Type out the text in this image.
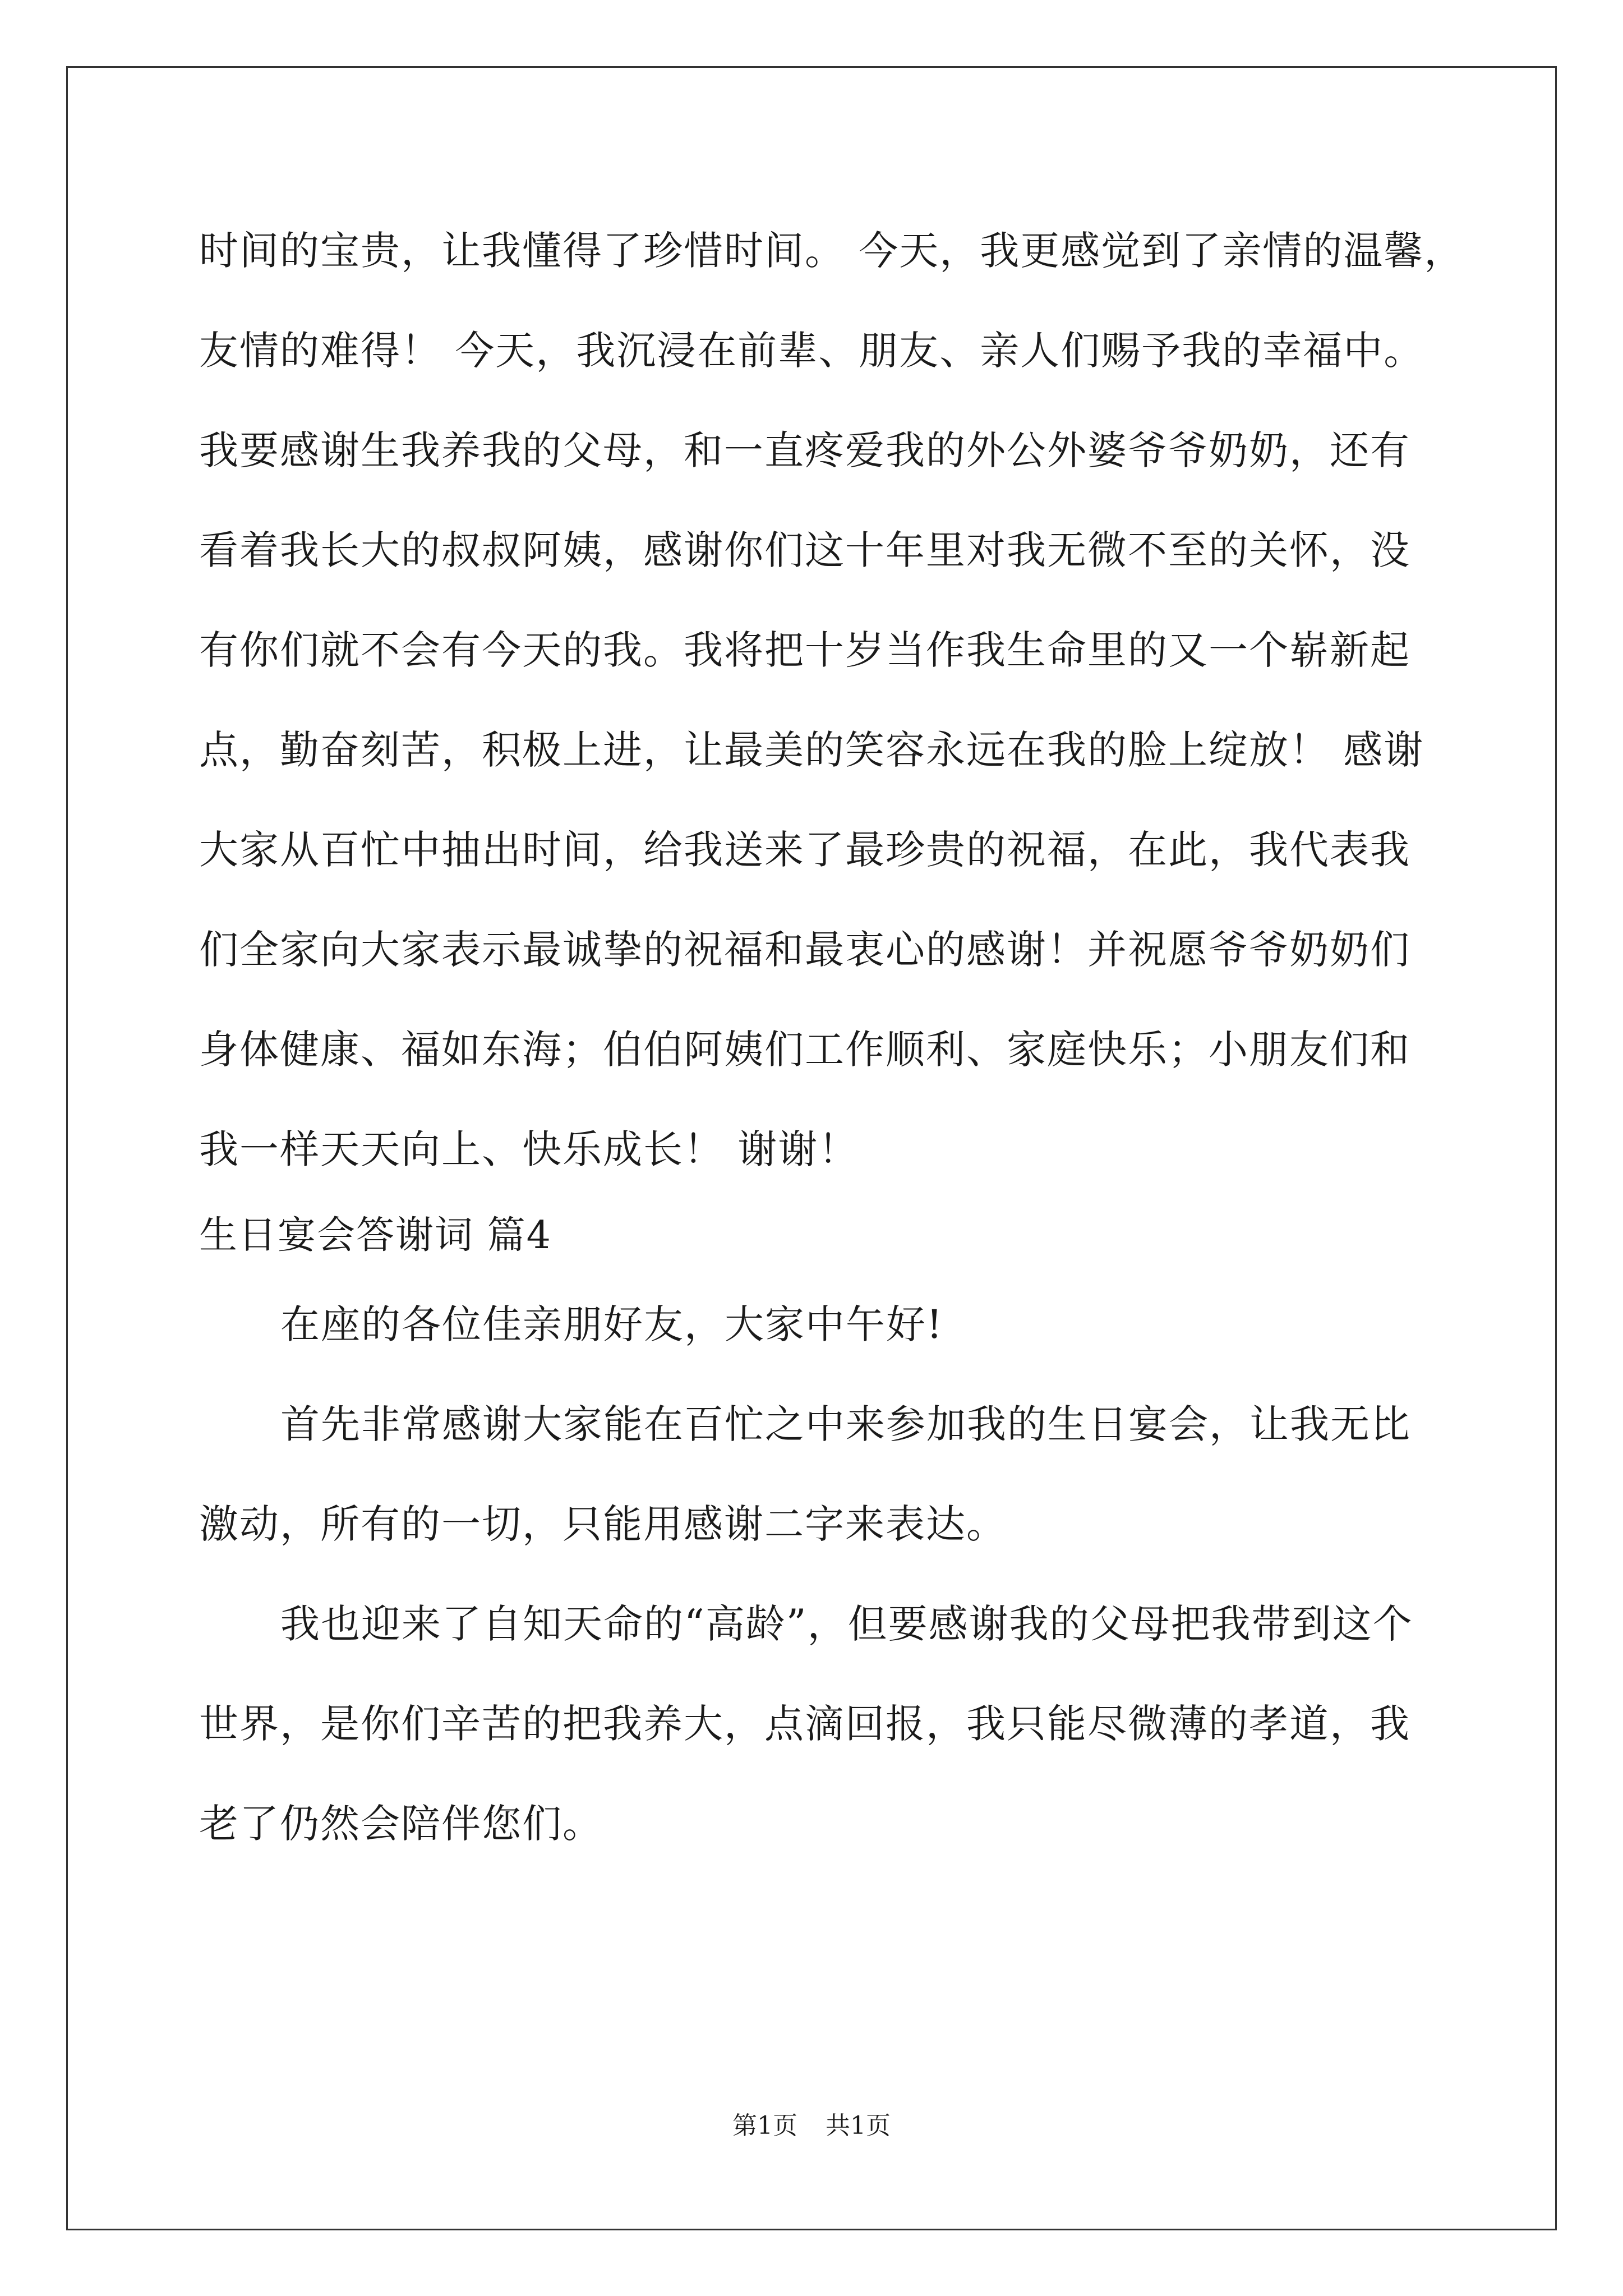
时间的宝贵，让我懂得了珍惜时间。 今天，我更感觉到了亲情的温馨，
友情的难得！ 今天，我沉浸在前辈、朋友、亲人们赐予我的幸福中。
我要感谢生我养我的父母，和一直疼爱我的外公外婆爷爷奶奶，还有
看着我长大的叔叔阿姨，感谢你们这十年里对我无微不至的关怀，没
有你们就不会有今天的我。我将把十岁当作我生命里的又一个崭新起
点，勤奋刻苦，积极上进，让最美的笑容永远在我的脸上绽放！ 感谢
大家从百忙中抽出时间，给我送来了最珍贵的祝福，在此，我代表我
们全家向大家表示最诚挚的祝福和最衷心的感谢！并祝愿爷爷奶奶们
身体健康、福如东海；伯伯阿姨们工作顺利、家庭快乐；小朋友们和
我一样天天向上、快乐成长！ 谢谢！
生日宴会答谢词 篇4
在座的各位佳亲朋好友，大家中午好!
首先非常感谢大家能在百忙之中来参加我的生日宴会，让我无比
激动，所有的一切，只能用感谢二字来表达。
我也迎来了自知天命的“高龄”，但要感谢我的父母把我带到这个
世界，是你们辛苦的把我养大，点滴回报，我只能尽微薄的孝道，我
老了仍然会陪伴您们。
第1页 共1页
